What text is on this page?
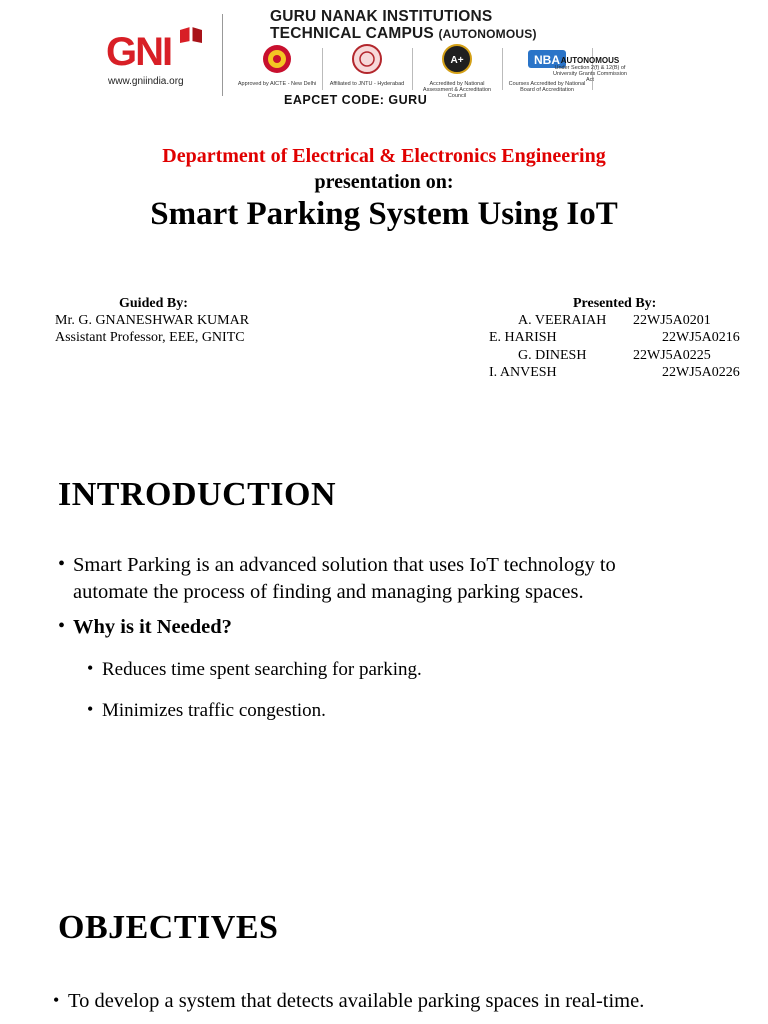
GNI
www.gniindia.org
GURU NANAK INSTITUTIONS
TECHNICAL CAMPUS (AUTONOMOUS)
Approved by AICTE - New Delhi	Affiliated to JNTU - Hyderabad
A+
Accredited by National Assessment & Accreditation Council
NBA
Courses Accredited by National Board of Accreditation
AUTONOMOUS
Under Section 2(f) & 12(B) of University Grants Commission Act
EAPCET CODE: GURU
Department of Electrical & Electronics Engineering
presentation on:
Smart Parking System Using IoT
Guided By:
Mr. G. GNANESHWAR KUMAR
Assistant Professor, EEE, GNITC
Presented By:
A. VEERAIAH 22WJ5A0201
E. HARISH	22WJ5A0216
G. DINESH	22WJ5A0225
I. ANVESH	22WJ5A0226
INTRODUCTION
• Smart Parking is an advanced solution that uses IoT technology to
automate the process of finding and managing parking spaces.
• Why is it Needed?
• Reduces time spent searching for parking.
• Minimizes traffic congestion.
OBJECTIVES
• To develop a system that detects available parking spaces in real-time.
